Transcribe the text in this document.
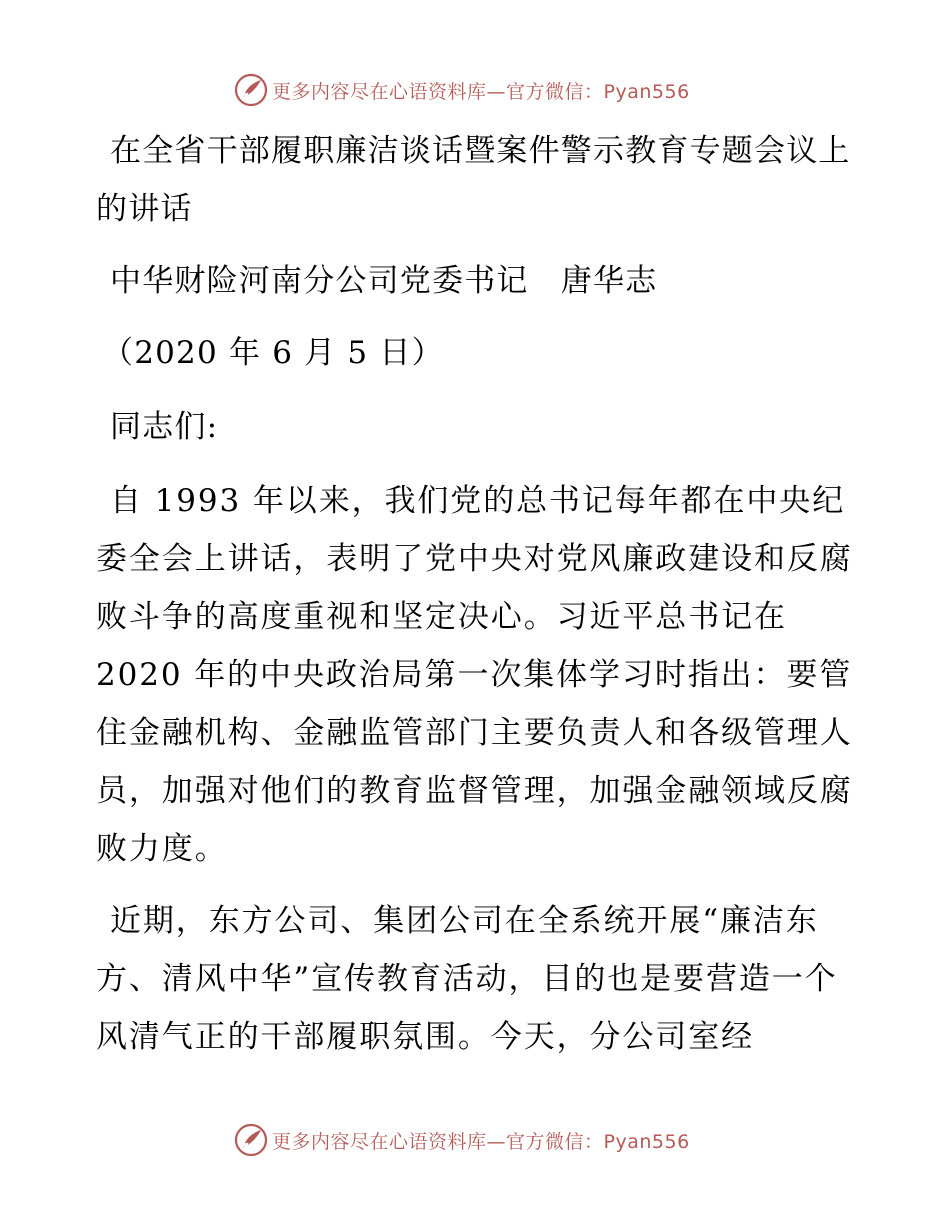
更多内容尽在心语资料库—官方微信：Pyan556

在全省干部履职廉洁谈话暨案件警示教育专题会议上的讲话

中华财险河南分公司党委书记　唐华志

（2020 年 6 月 5 日）

同志们:

自 1993 年以来，我们党的总书记每年都在中央纪委全会上讲话，表明了党中央对党风廉政建设和反腐败斗争的高度重视和坚定决心。习近平总书记在 2020 年的中央政治局第一次集体学习时指出：要管住金融机构、金融监管部门主要负责人和各级管理人员，加强对他们的教育监督管理，加强金融领域反腐败力度。

近期，东方公司、集团公司在全系统开展“廉洁东方、清风中华”宣传教育活动，目的也是要营造一个风清气正的干部履职氛围。今天，分公司室经

更多内容尽在心语资料库—官方微信：Pyan556
